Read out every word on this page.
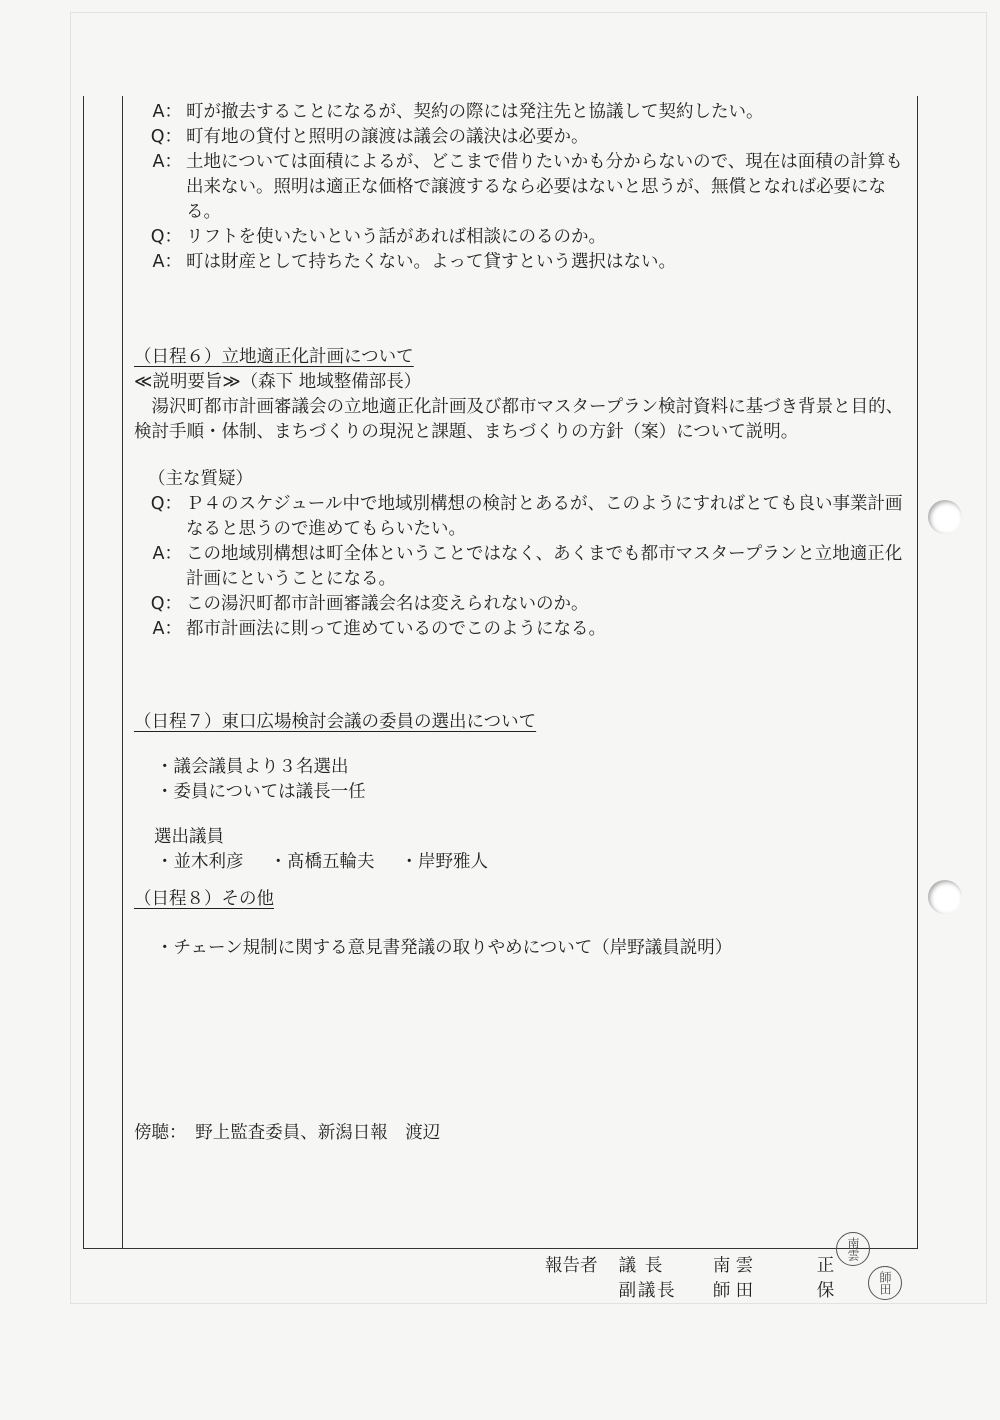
A： 町が撤去することになるが、契約の際には発注先と協議して契約したい。
Q： 町有地の貸付と照明の譲渡は議会の議決は必要か。
A： 土地については面積によるが、どこまで借りたいかも分からないので、現在は面積の計算も出来ない。照明は適正な価格で譲渡するなら必要はないと思うが、無償となれば必要になる。
Q： リフトを使いたいという話があれば相談にのるのか。
A： 町は財産として持ちたくない。よって貸すという選択はない。

（日程６）立地適正化計画について

≪説明要旨≫（森下 地域整備部長）

湯沢町都市計画審議会の立地適正化計画及び都市マスタープラン検討資料に基づき背景と目的、検討手順・体制、まちづくりの現況と課題、まちづくりの方針（案）について説明。

（主な質疑）

Q： Ｐ４のスケジュール中で地域別構想の検討とあるが、このようにすればとても良い事業計画なると思うので進めてもらいたい。
A： この地域別構想は町全体ということではなく、あくまでも都市マスタープランと立地適正化計画にということになる。
Q： この湯沢町都市計画審議会名は変えられないのか。
A： 都市計画法に則って進めているのでこのようになる。

（日程７）東口広場検討会議の委員の選出について

・議会議員より３名選出

・委員については議長一任

選出議員

・並木利彦 ・髙橋五輪夫 ・岸野雅人

（日程８）その他

・チェーン規制に関する意見書発議の取りやめについて（岸野議員説明）

傍聴：　野上監査委員、新潟日報　渡辺

報告者	議長	南雲	正
副議長	師田	保
南雲
師田
